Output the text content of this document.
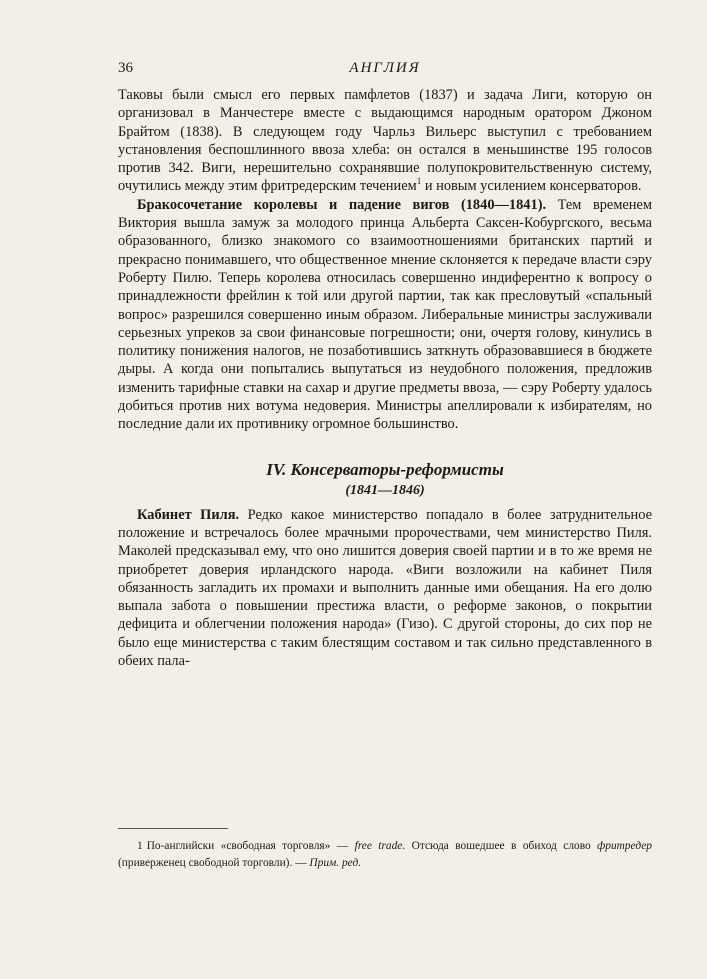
36	АНГЛИЯ

Таковы были смысл его первых памфлетов (1837) и задача Лиги, которую он организовал в Манчестере вместе с выдающимся народным оратором Джоном Брайтом (1838). В следующем году Чарльз Вильерс выступил с требованием установления беспошлинного ввоза хлеба: он остался в меньшинстве 195 голосов против 342. Виги, нерешительно сохранявшие полупокровительственную систему, очутились между этим фритредерским течением$^1$ и новым усилением консерваторов.

Бракосочетание королевы и падение вигов (1840—1841). Тем временем Виктория вышла замуж за молодого принца Альберта Саксен-Кобургского, весьма образованного, близко знакомого со взаимоотношениями британских партий и прекрасно понимавшего, что общественное мнение склоняется к передаче власти сэру Роберту Пилю. Теперь королева относилась совершенно индиферентно к вопросу о принадлежности фрейлин к той или другой партии, так как пресловутый «спальный вопрос» разрешился совершенно иным образом. Либеральные министры заслуживали серьезных упреков за свои финансовые погрешности; они, очертя голову, кинулись в политику понижения налогов, не позаботившись заткнуть образовавшиеся в бюджете дыры. А когда они попытались выпутаться из неудобного положения, предложив изменить тарифные ставки на сахар и другие предметы ввоза, — сэру Роберту удалось добиться против них вотума недоверия. Министры апеллировали к избирателям, но последние дали их противнику огромное большинство.

IV. Консерваторы-реформисты
(1841—1846)

Кабинет Пиля. Редко какое министерство попадало в более затруднительное положение и встречалось более мрачными пророчествами, чем министерство Пиля. Маколей предсказывал ему, что оно лишится доверия своей партии и в то же время не приобретет доверия ирландского народа. «Виги возложили на кабинет Пиля обязанность загладить их промахи и выполнить данные ими обещания. На его долю выпала забота о повышении престижа власти, о реформе законов, о покрытии дефицита и облегчении положения народа» (Гизо). С другой стороны, до сих пор не было еще министерства с таким блестящим составом и так сильно представленного в обеих пала-

1 По-английски «свободная торговля» — free trade. Отсюда вошедшее в обиход слово фритредер (приверженец свободной торговли). — Прим. ред.
